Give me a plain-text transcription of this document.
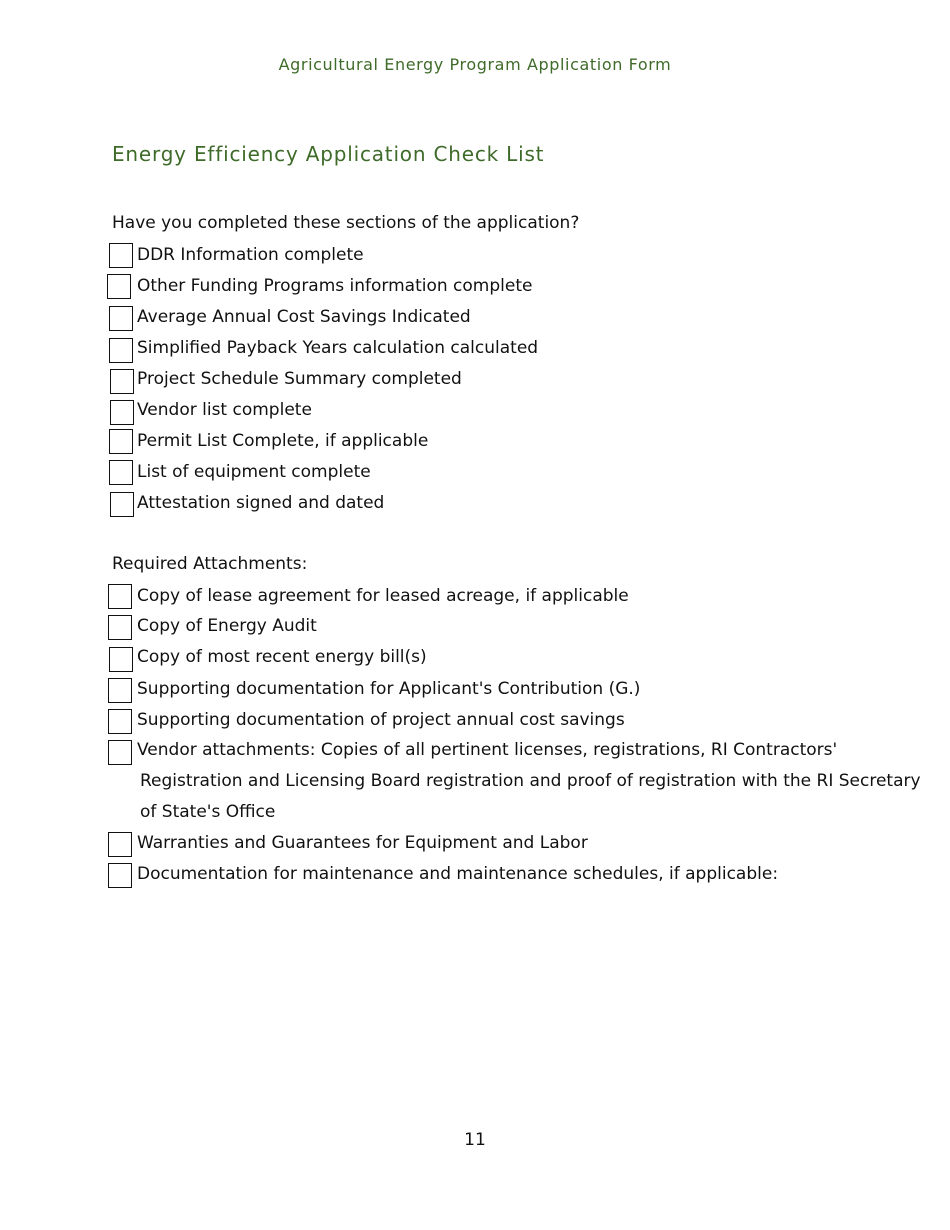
Agricultural Energy Program Application Form
Energy Efficiency Application Check List
Have you completed these sections of the application?
DDR Information complete
Other Funding Programs information complete
Average Annual Cost Savings Indicated
Simplified Payback Years calculation calculated
Project Schedule Summary completed
Vendor list complete
Permit List Complete, if applicable
List of equipment complete
Attestation signed and dated
Required Attachments:
Copy of lease agreement for leased acreage, if applicable
Copy of Energy Audit
Copy of most recent energy bill(s)
Supporting documentation for Applicant's Contribution (G.)
Supporting documentation of project annual cost savings
Vendor attachments: Copies of all pertinent licenses, registrations, RI Contractors'
Registration and Licensing Board registration and proof of registration with the RI Secretary
of State's Office
Warranties and Guarantees for Equipment and Labor
Documentation for maintenance and maintenance schedules, if applicable:
11
